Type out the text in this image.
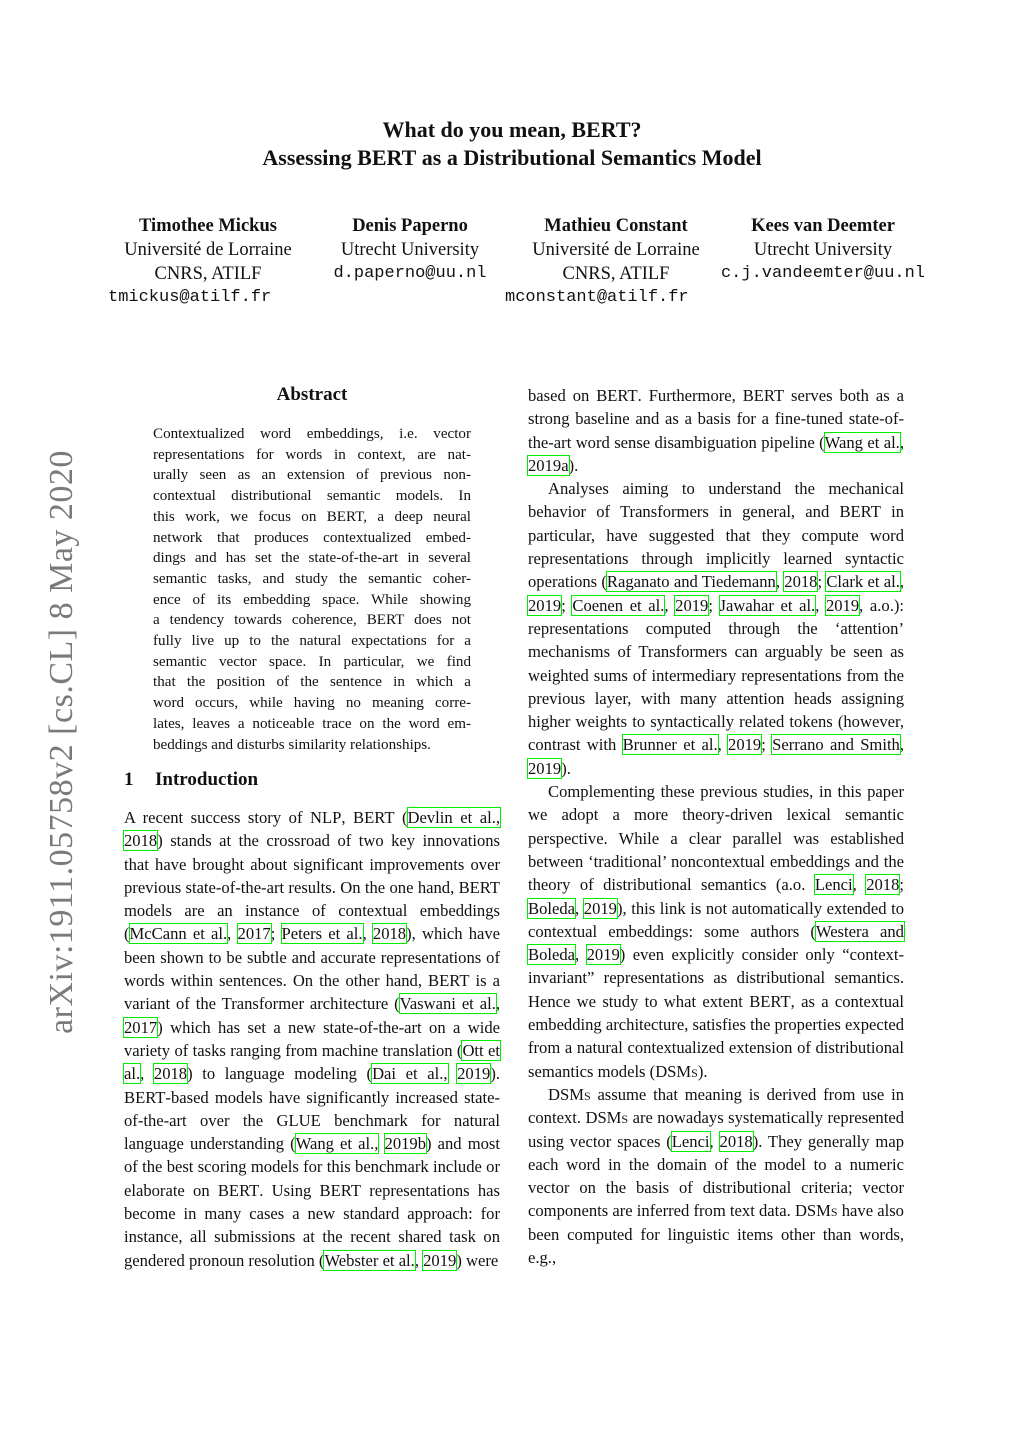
arXiv:1911.05758v2 [cs.CL] 8 May 2020
What do you mean, BERT?
Assessing BERT as a Distributional Semantics Model
Timothee Mickus
Université de Lorraine
CNRS, ATILF
Denis Paperno
Utrecht University
d.paperno@uu.nl
Mathieu Constant
Université de Lorraine
CNRS, ATILF
Kees van Deemter
Utrecht University
c.j.vandeemter@uu.nl
tmickus@atilf.fr	mconstant@atilf.fr
Abstract
Contextualized word embeddings, i.e. vector
representations for words in context, are nat-
urally seen as an extension of previous non-
contextual distributional semantic models. In
this work, we focus on BERT, a deep neural
network that produces contextualized embed-
dings and has set the state-of-the-art in several
semantic tasks, and study the semantic coher-
ence of its embedding space. While showing
a tendency towards coherence, BERT does not
fully live up to the natural expectations for a
semantic vector space. In particular, we find
that the position of the sentence in which a
word occurs, while having no meaning corre-
lates, leaves a noticeable trace on the word em-
beddings and disturbs similarity relationships.
1 Introduction

A recent success story of NLP, BERT (Devlin et al., 2018) stands at the crossroad of two key innovations that have brought about significant improvements over previous state-of-the-art results. On the one hand, BERT models are an instance of contextual embeddings (McCann et al., 2017; Peters et al., 2018), which have been shown to be subtle and accurate representations of words within sentences. On the other hand, BERT is a variant of the Transformer architecture (Vaswani et al., 2017) which has set a new state-of-the-art on a wide variety of tasks ranging from machine translation (Ott et al., 2018) to language modeling (Dai et al., 2019). BERT-based models have significantly increased state-of-the-art over the GLUE benchmark for natural language understanding (Wang et al., 2019b) and most of the best scoring models for this benchmark include or elaborate on BERT. Using BERT representations has become in many cases a new standard approach: for instance, all submissions at the recent shared task on gendered pronoun resolution (Webster et al., 2019) were

based on BERT. Furthermore, BERT serves both as a strong baseline and as a basis for a fine-tuned state-of-the-art word sense disambiguation pipeline (Wang et al., 2019a).

Analyses aiming to understand the mechanical behavior of Transformers in general, and BERT in particular, have suggested that they compute word representations through implicitly learned syntactic operations (Raganato and Tiedemann, 2018; Clark et al., 2019; Coenen et al., 2019; Jawahar et al., 2019, a.o.): representations computed through the ‘attention’ mechanisms of Transformers can arguably be seen as weighted sums of intermediary representations from the previous layer, with many attention heads assigning higher weights to syntactically related tokens (however, contrast with Brunner et al., 2019; Serrano and Smith, 2019).

Complementing these previous studies, in this paper we adopt a more theory-driven lexical semantic perspective. While a clear parallel was established between ‘traditional’ noncontextual embeddings and the theory of distributional semantics (a.o. Lenci, 2018; Boleda, 2019), this link is not automatically extended to contextual embeddings: some authors (Westera and Boleda, 2019) even explicitly consider only “context-invariant” representations as distributional semantics. Hence we study to what extent BERT, as a contextual embedding architecture, satisfies the properties expected from a natural contextualized extension of distributional semantics models (DSMs).

DSMs assume that meaning is derived from use in context. DSMs are nowadays systematically represented using vector spaces (Lenci, 2018). They generally map each word in the domain of the model to a numeric vector on the basis of distributional criteria; vector components are inferred from text data. DSMs have also been computed for linguistic items other than words, e.g.,
